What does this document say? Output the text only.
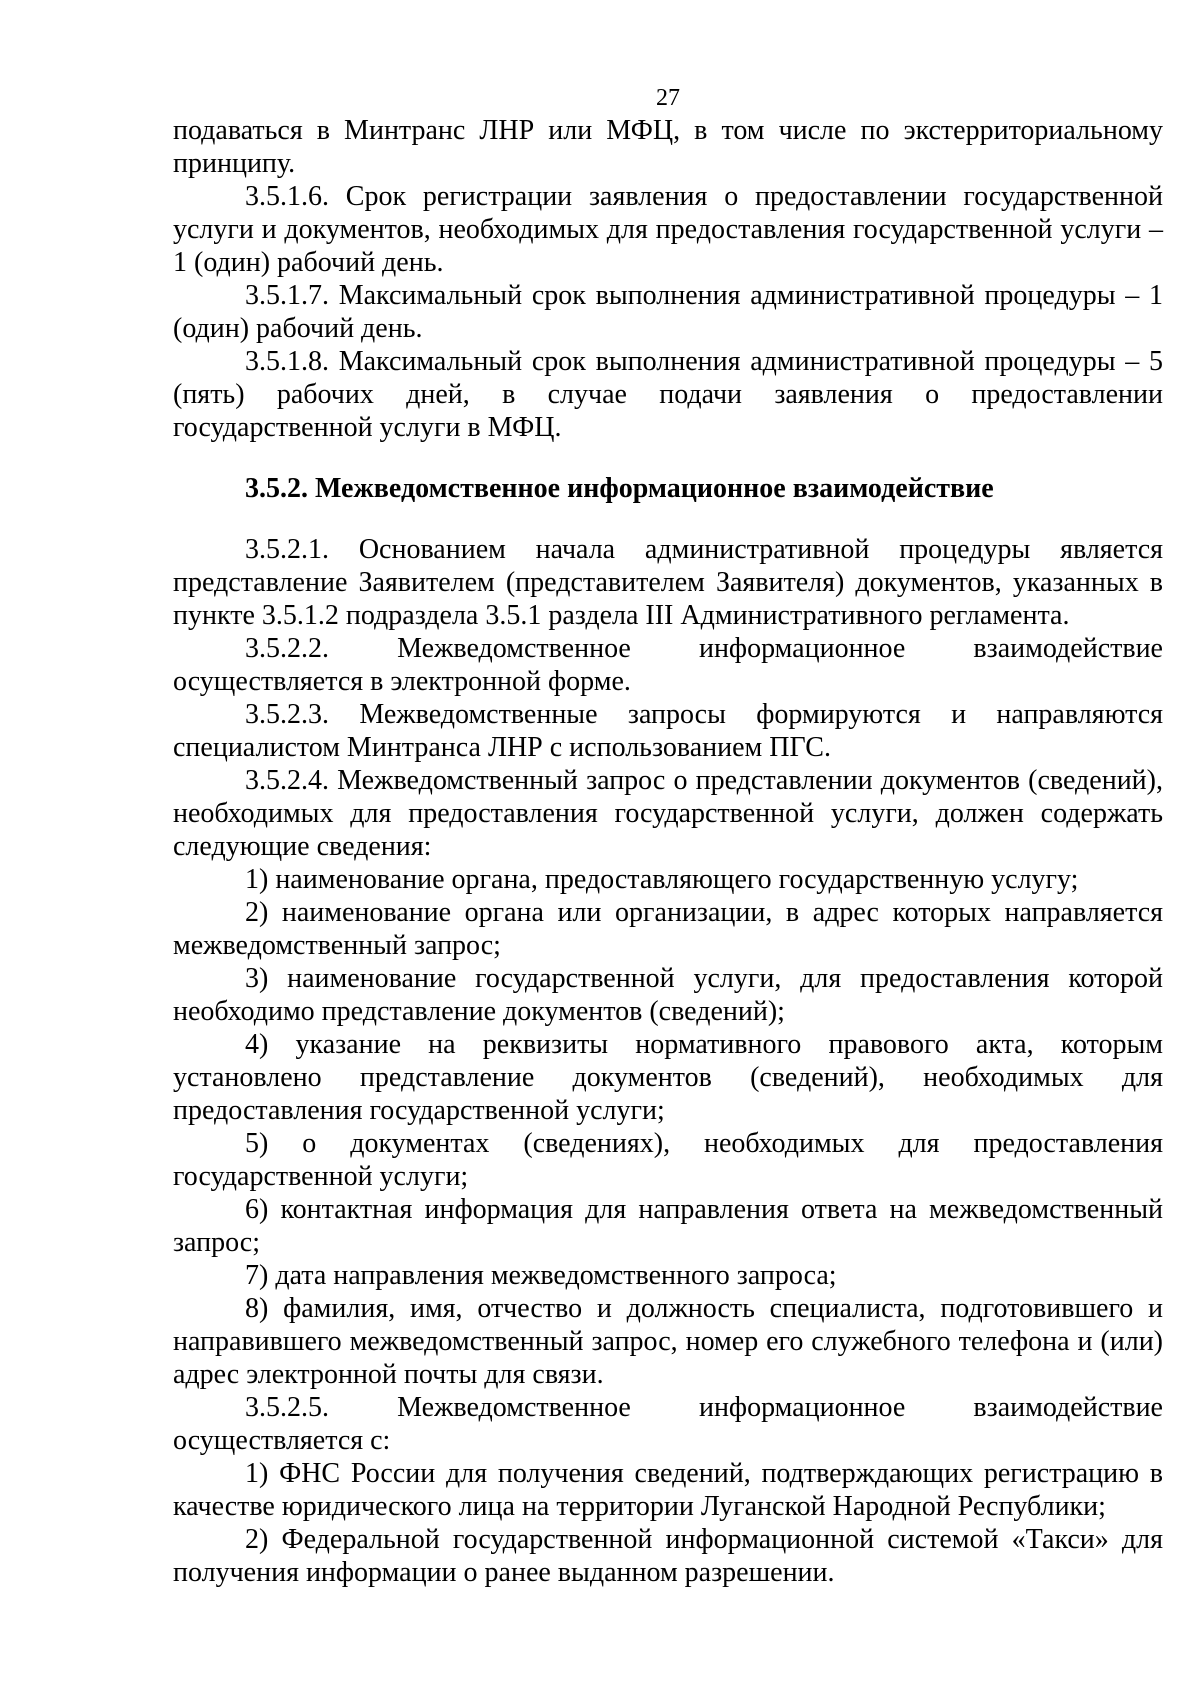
27

подаваться в Минтранс ЛНР или МФЦ, в том числе по экстерриториальному принципу.

3.5.1.6. Срок регистрации заявления о предоставлении государственной услуги и документов, необходимых для предоставления государственной услуги – 1 (один) рабочий день.

3.5.1.7. Максимальный срок выполнения административной процедуры – 1 (один) рабочий день.

3.5.1.8. Максимальный срок выполнения административной процедуры – 5 (пять) рабочих дней, в случае подачи заявления о предоставлении государственной услуги в МФЦ.

3.5.2. Межведомственное информационное взаимодействие

3.5.2.1. Основанием начала административной процедуры является представление Заявителем (представителем Заявителя) документов, указанных в пункте 3.5.1.2 подраздела 3.5.1 раздела III Административного регламента.

3.5.2.2. Межведомственное информационное взаимодействие осуществляется в электронной форме.

3.5.2.3. Межведомственные запросы формируются и направляются специалистом Минтранса ЛНР с использованием ПГС.

3.5.2.4. Межведомственный запрос о представлении документов (сведений), необходимых для предоставления государственной услуги, должен содержать следующие сведения:

1) наименование органа, предоставляющего государственную услугу;

2) наименование органа или организации, в адрес которых направляется межведомственный запрос;

3) наименование государственной услуги, для предоставления которой необходимо представление документов (сведений);

4) указание на реквизиты нормативного правового акта, которым установлено представление документов (сведений), необходимых для предоставления государственной услуги;

5) о документах (сведениях), необходимых для предоставления государственной услуги;

6) контактная информация для направления ответа на межведомственный запрос;

7) дата направления межведомственного запроса;

8) фамилия, имя, отчество и должность специалиста, подготовившего и направившего межведомственный запрос, номер его служебного телефона и (или) адрес электронной почты для связи.

3.5.2.5. Межведомственное информационное взаимодействие осуществляется с:

1) ФНС России для получения сведений, подтверждающих регистрацию в качестве юридического лица на территории Луганской Народной Республики;

2) Федеральной государственной информационной системой «Такси» для получения информации о ранее выданном разрешении.
